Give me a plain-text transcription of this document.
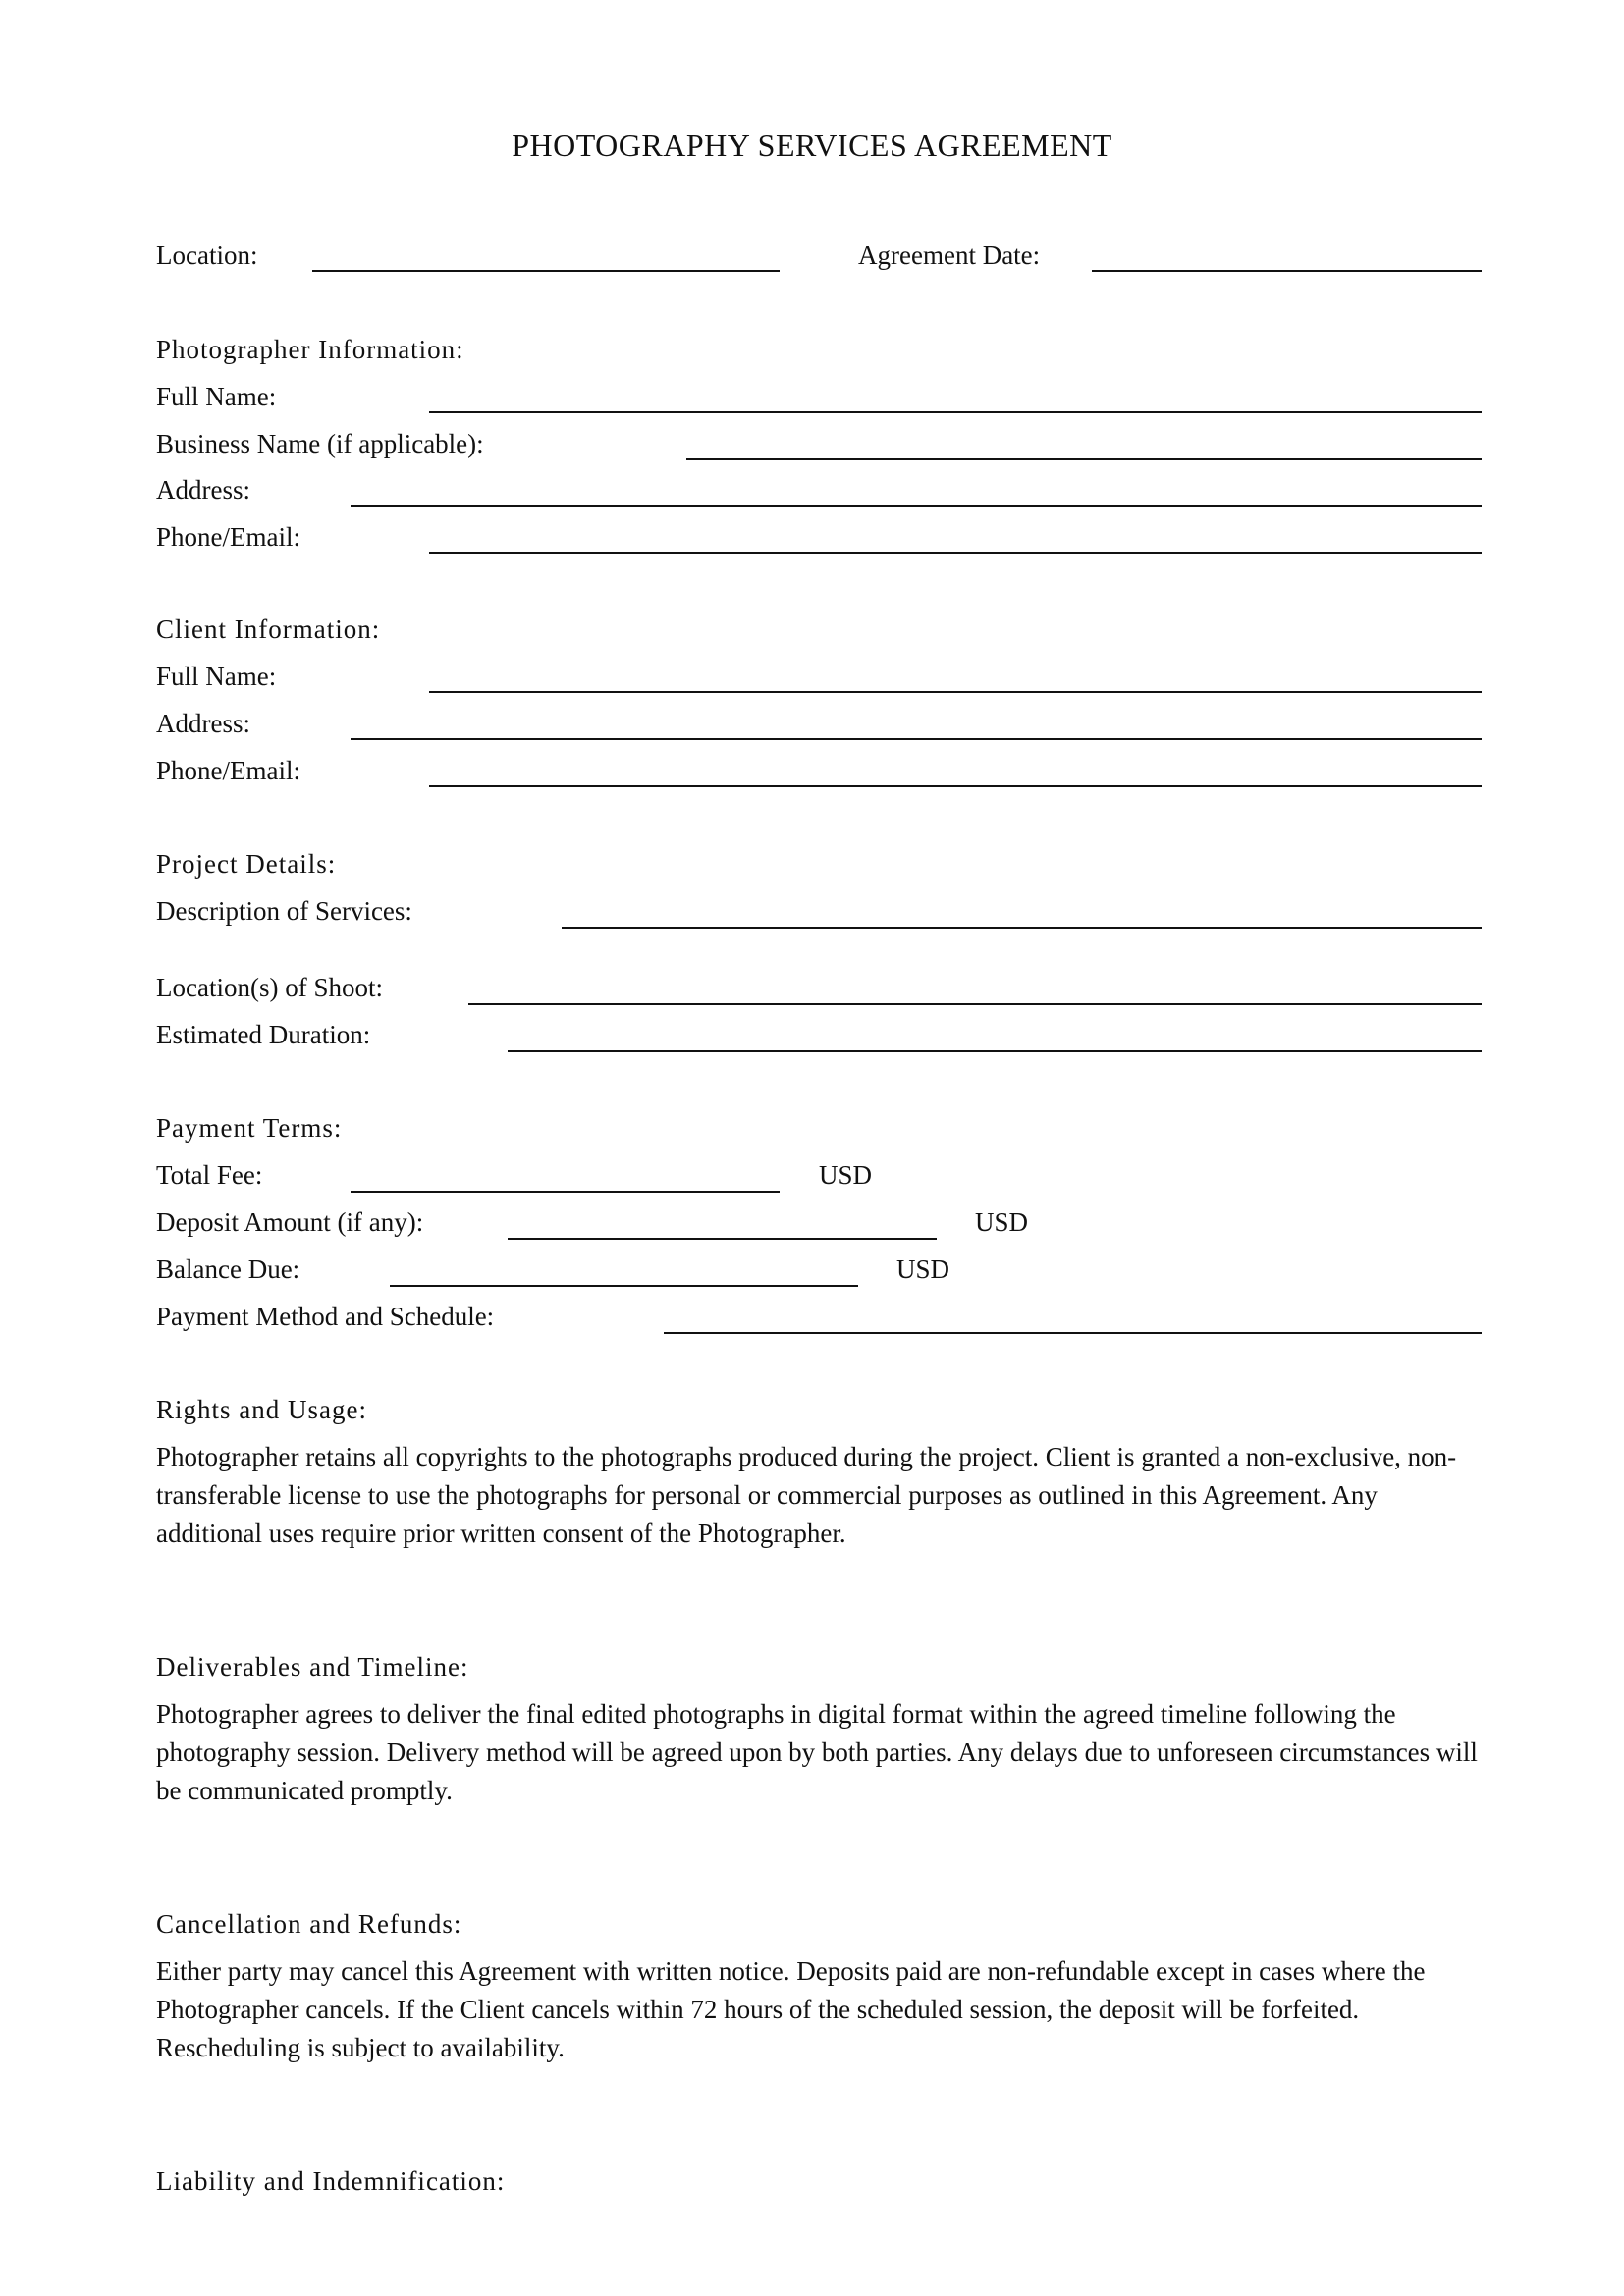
PHOTOGRAPHY SERVICES AGREEMENT
Location:	Agreement Date:
Photographer Information:
Full Name:
Business Name (if applicable):
Address:
Phone/Email:
Client Information:
Full Name:
Address:
Phone/Email:
Project Details:
Description of Services:
Location(s) of Shoot:
Estimated Duration:
Payment Terms:
Total Fee:	USD
Deposit Amount (if any):	USD
Balance Due:	USD
Payment Method and Schedule:
Rights and Usage:
Photographer retains all copyrights to the photographs produced during the project. Client is granted a non-exclusive, non-transferable license to use the photographs for personal or commercial purposes as outlined in this Agreement. Any additional uses require prior written consent of the Photographer.
Deliverables and Timeline:
Photographer agrees to deliver the final edited photographs in digital format within the agreed timeline following the photography session. Delivery method will be agreed upon by both parties. Any delays due to unforeseen circumstances will be communicated promptly.
Cancellation and Refunds:
Either party may cancel this Agreement with written notice. Deposits paid are non-refundable except in cases where the Photographer cancels. If the Client cancels within 72 hours of the scheduled session, the deposit will be forfeited. Rescheduling is subject to availability.
Liability and Indemnification:
